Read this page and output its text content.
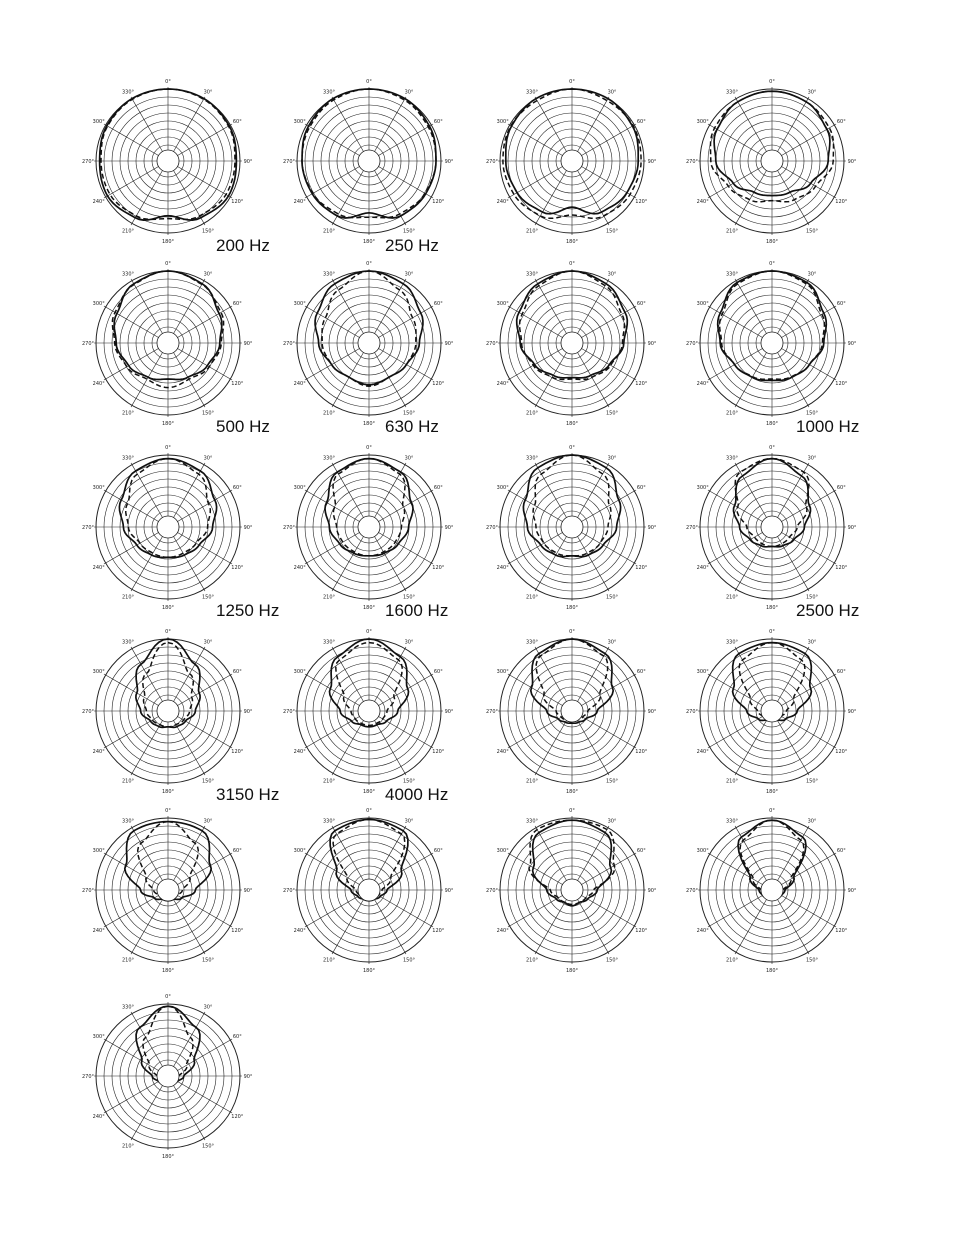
0°
30°
60°
90°
120°
150°
180°
210°
240°
270°
300°
330°
200 Hz
0°
30°
60°
90°
120°
150°
180°
210°
240°
270°
300°
330°
250 Hz
0°
30°
60°
90°
120°
150°
180°
210°
240°
270°
300°
330°
0°
30°
60°
90°
120°
150°
180°
210°
240°
270°
300°
330°
0°
30°
60°
90°
120°
150°
180°
210°
240°
270°
300°
330°
500 Hz
0°
30°
60°
90°
120°
150°
180°
210°
240°
270°
300°
330°
630 Hz
0°
30°
60°
90°
120°
150°
180°
210°
240°
270°
300°
330°
0°
30°
60°
90°
120°
150°
180°
210°
240°
270°
300°
330°
1000 Hz
0°
30°
60°
90°
120°
150°
180°
210°
240°
270°
300°
330°
1250 Hz
0°
30°
60°
90°
120°
150°
180°
210°
240°
270°
300°
330°
1600 Hz
0°
30°
60°
90°
120°
150°
180°
210°
240°
270°
300°
330°
0°
30°
60°
90°
120°
150°
180°
210°
240°
270°
300°
330°
2500 Hz
0°
30°
60°
90°
120°
150°
180°
210°
240°
270°
300°
330°
3150 Hz
0°
30°
60°
90°
120°
150°
180°
210°
240°
270°
300°
330°
4000 Hz
0°
30°
60°
90°
120°
150°
180°
210°
240°
270°
300°
330°
0°
30°
60°
90°
120°
150°
180°
210°
240°
270°
300°
330°
0°
30°
60°
90°
120°
150°
180°
210°
240°
270°
300°
330°
0°
30°
60°
90°
120°
150°
180°
210°
240°
270°
300°
330°
0°
30°
60°
90°
120°
150°
180°
210°
240°
270°
300°
330°
0°
30°
60°
90°
120°
150°
180°
210°
240°
270°
300°
330°
0°
30°
60°
90°
120°
150°
180°
210°
240°
270°
300°
330°
